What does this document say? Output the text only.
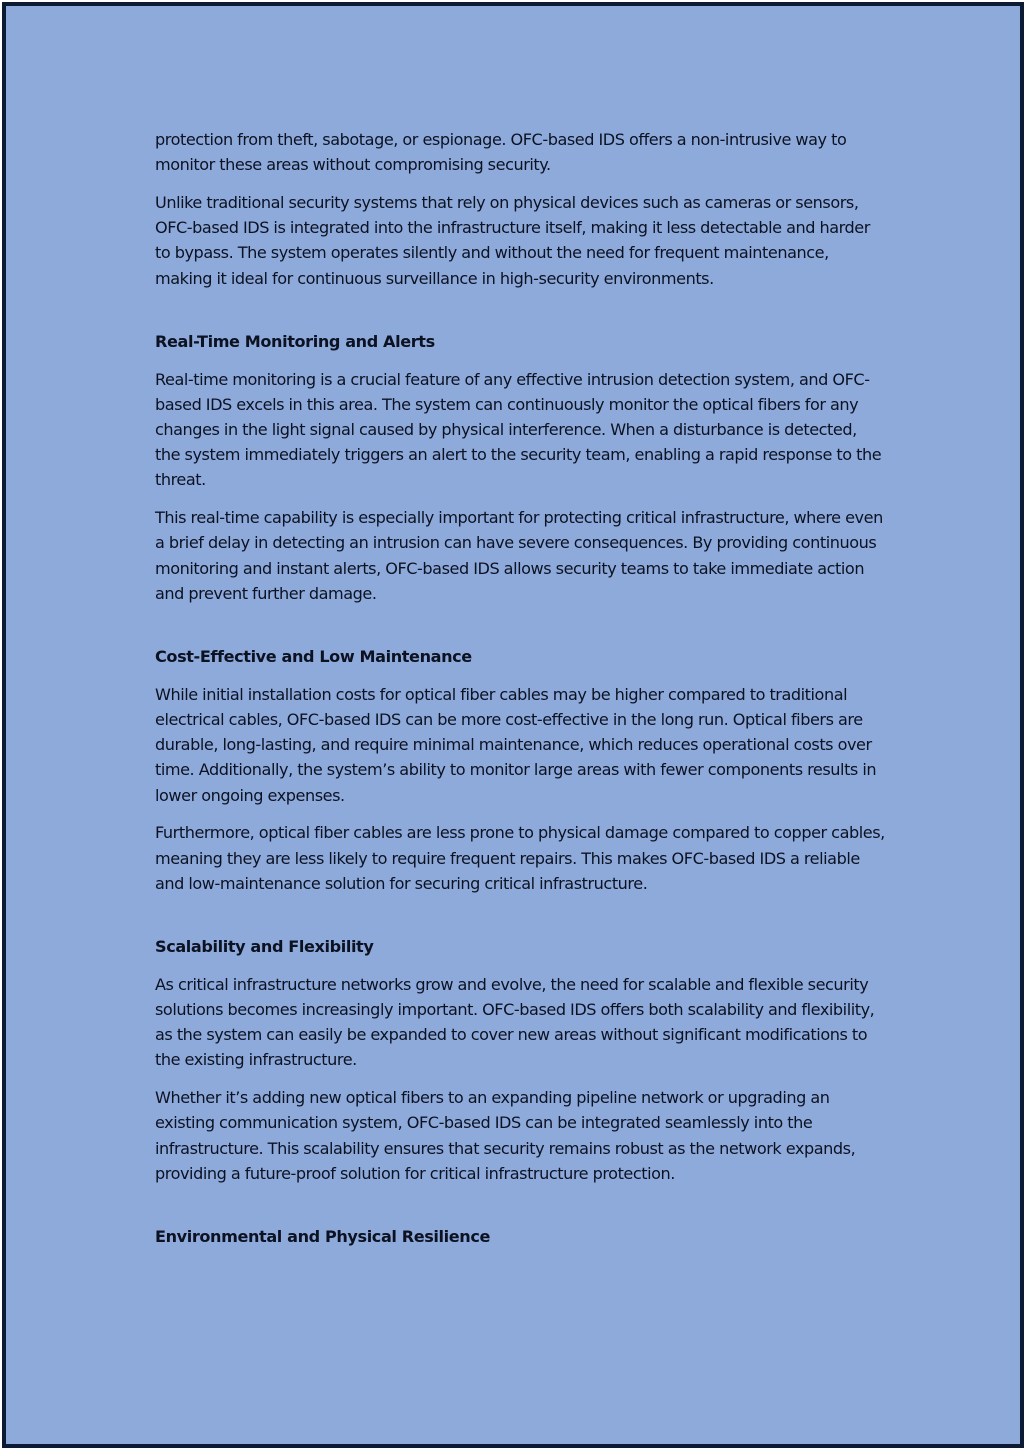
protection from theft, sabotage, or espionage. OFC-based IDS offers a non-intrusive way to monitor these areas without compromising security.

Unlike traditional security systems that rely on physical devices such as cameras or sensors, OFC-based IDS is integrated into the infrastructure itself, making it less detectable and harder to bypass. The system operates silently and without the need for frequent maintenance, making it ideal for continuous surveillance in high-security environments.

Real-Time Monitoring and Alerts

Real-time monitoring is a crucial feature of any effective intrusion detection system, and OFC-based IDS excels in this area. The system can continuously monitor the optical fibers for any changes in the light signal caused by physical interference. When a disturbance is detected, the system immediately triggers an alert to the security team, enabling a rapid response to the threat.

This real-time capability is especially important for protecting critical infrastructure, where even a brief delay in detecting an intrusion can have severe consequences. By providing continuous monitoring and instant alerts, OFC-based IDS allows security teams to take immediate action and prevent further damage.

Cost-Effective and Low Maintenance

While initial installation costs for optical fiber cables may be higher compared to traditional electrical cables, OFC-based IDS can be more cost-effective in the long run. Optical fibers are durable, long-lasting, and require minimal maintenance, which reduces operational costs over time. Additionally, the system’s ability to monitor large areas with fewer components results in lower ongoing expenses.

Furthermore, optical fiber cables are less prone to physical damage compared to copper cables, meaning they are less likely to require frequent repairs. This makes OFC-based IDS a reliable and low-maintenance solution for securing critical infrastructure.

Scalability and Flexibility

As critical infrastructure networks grow and evolve, the need for scalable and flexible security solutions becomes increasingly important. OFC-based IDS offers both scalability and flexibility, as the system can easily be expanded to cover new areas without significant modifications to the existing infrastructure.

Whether it’s adding new optical fibers to an expanding pipeline network or upgrading an existing communication system, OFC-based IDS can be integrated seamlessly into the infrastructure. This scalability ensures that security remains robust as the network expands, providing a future-proof solution for critical infrastructure protection.

Environmental and Physical Resilience
